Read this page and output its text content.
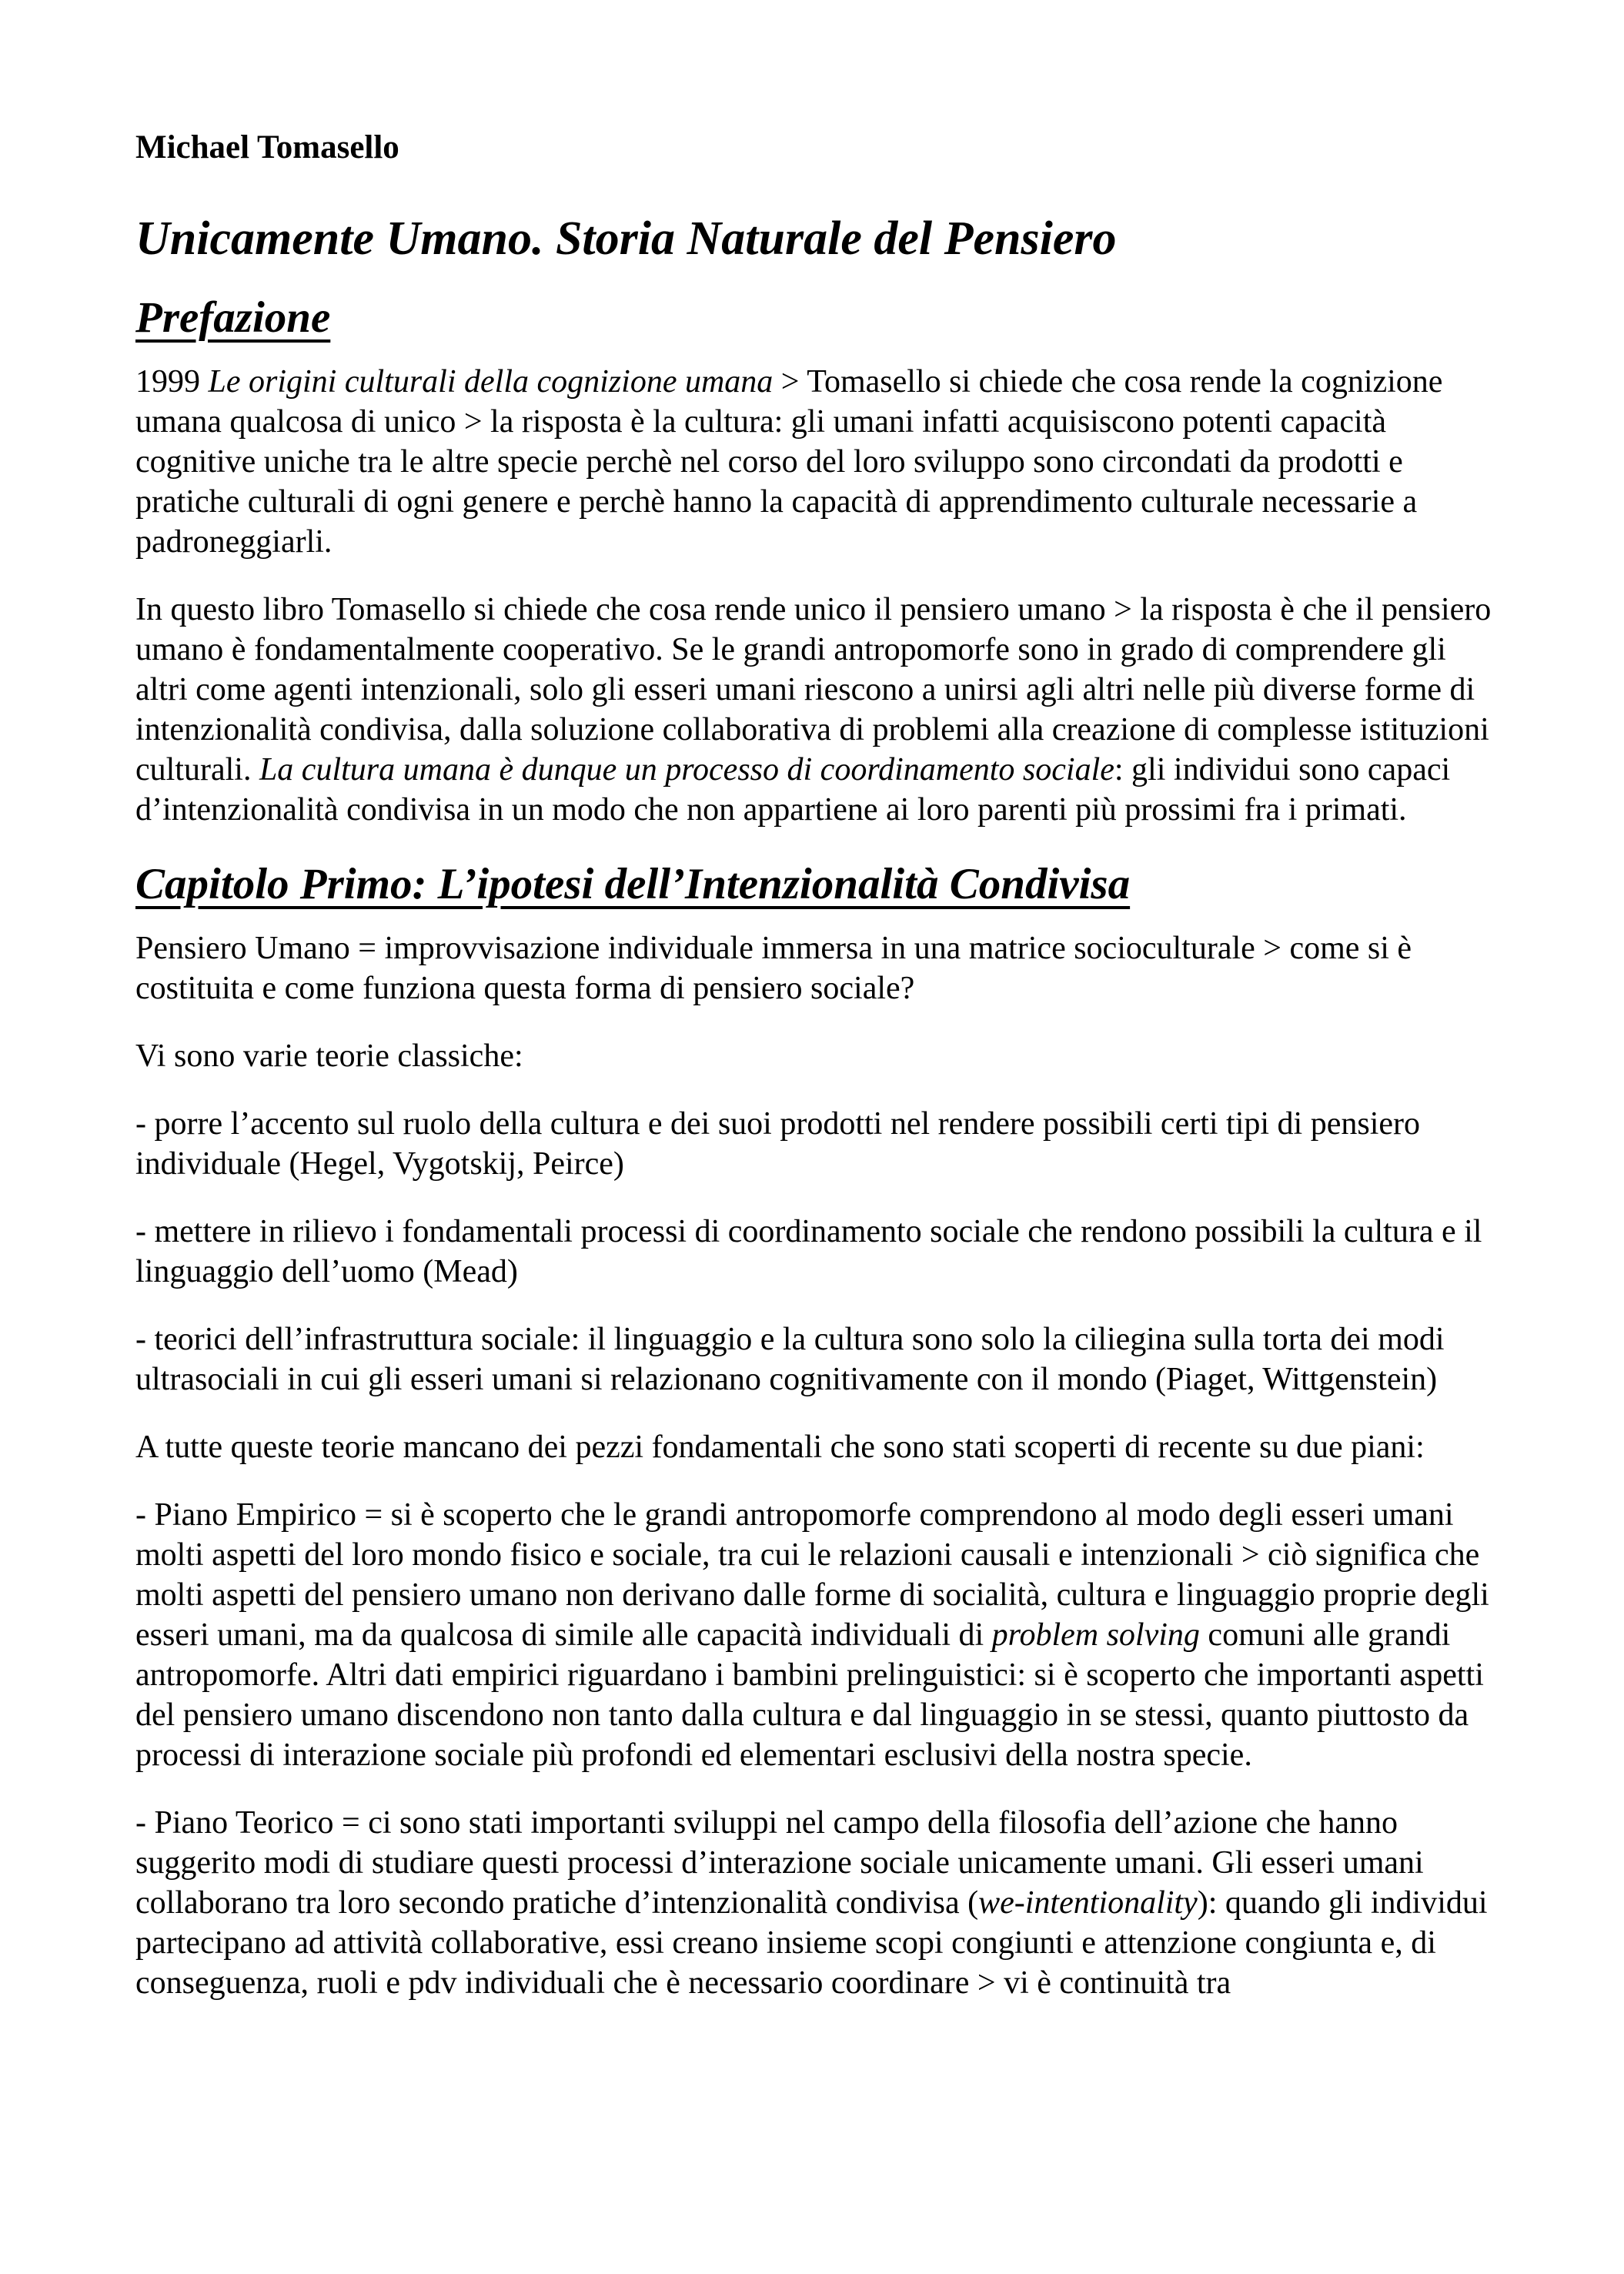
Michael Tomasello

Unicamente Umano. Storia Naturale del Pensiero
Prefazione

1999 Le origini culturali della cognizione umana > Tomasello si chiede che cosa rende la cognizione umana qualcosa di unico > la risposta è la cultura: gli umani infatti acquisiscono potenti capacità cognitive uniche tra le altre specie perchè nel corso del loro sviluppo sono circondati da prodotti e pratiche culturali di ogni genere e perchè hanno la capacità di apprendimento culturale necessarie a padroneggiarli.

In questo libro Tomasello si chiede che cosa rende unico il pensiero umano > la risposta è che il pensiero umano è fondamentalmente cooperativo. Se le grandi antropomorfe sono in grado di comprendere gli altri come agenti intenzionali, solo gli esseri umani riescono a unirsi agli altri nelle più diverse forme di intenzionalità condivisa, dalla soluzione collaborativa di problemi alla creazione di complesse istituzioni culturali. La cultura umana è dunque un processo di coordinamento sociale: gli individui sono capaci d’intenzionalità condivisa in un modo che non appartiene ai loro parenti più prossimi fra i primati.

Capitolo Primo: L’ipotesi dell’Intenzionalità Condivisa

Pensiero Umano = improvvisazione individuale immersa in una matrice socioculturale > come si è costituita e come funziona questa forma di pensiero sociale?

Vi sono varie teorie classiche:

- porre l’accento sul ruolo della cultura e dei suoi prodotti nel rendere possibili certi tipi di pensiero individuale (Hegel, Vygotskij, Peirce)

- mettere in rilievo i fondamentali processi di coordinamento sociale che rendono possibili la cultura e il linguaggio dell’uomo (Mead)

- teorici dell’infrastruttura sociale: il linguaggio e la cultura sono solo la ciliegina sulla torta dei modi ultrasociali in cui gli esseri umani si relazionano cognitivamente con il mondo (Piaget, Wittgenstein)

A tutte queste teorie mancano dei pezzi fondamentali che sono stati scoperti di recente su due piani:

- Piano Empirico = si è scoperto che le grandi antropomorfe comprendono al modo degli esseri umani molti aspetti del loro mondo fisico e sociale, tra cui le relazioni causali e intenzionali > ciò significa che molti aspetti del pensiero umano non derivano dalle forme di socialità, cultura e linguaggio proprie degli esseri umani, ma da qualcosa di simile alle capacità individuali di problem solving comuni alle grandi antropomorfe. Altri dati empirici riguardano i bambini prelinguistici: si è scoperto che importanti aspetti del pensiero umano discendono non tanto dalla cultura e dal linguaggio in se stessi, quanto piuttosto da processi di interazione sociale più profondi ed elementari esclusivi della nostra specie.

- Piano Teorico = ci sono stati importanti sviluppi nel campo della filosofia dell’azione che hanno suggerito modi di studiare questi processi d’interazione sociale unicamente umani. Gli esseri umani collaborano tra loro secondo pratiche d’intenzionalità condivisa (we-intentionality): quando gli individui partecipano ad attività collaborative, essi creano insieme scopi congiunti e attenzione congiunta e, di conseguenza, ruoli e pdv individuali che è necessario coordinare > vi è continuità tra
